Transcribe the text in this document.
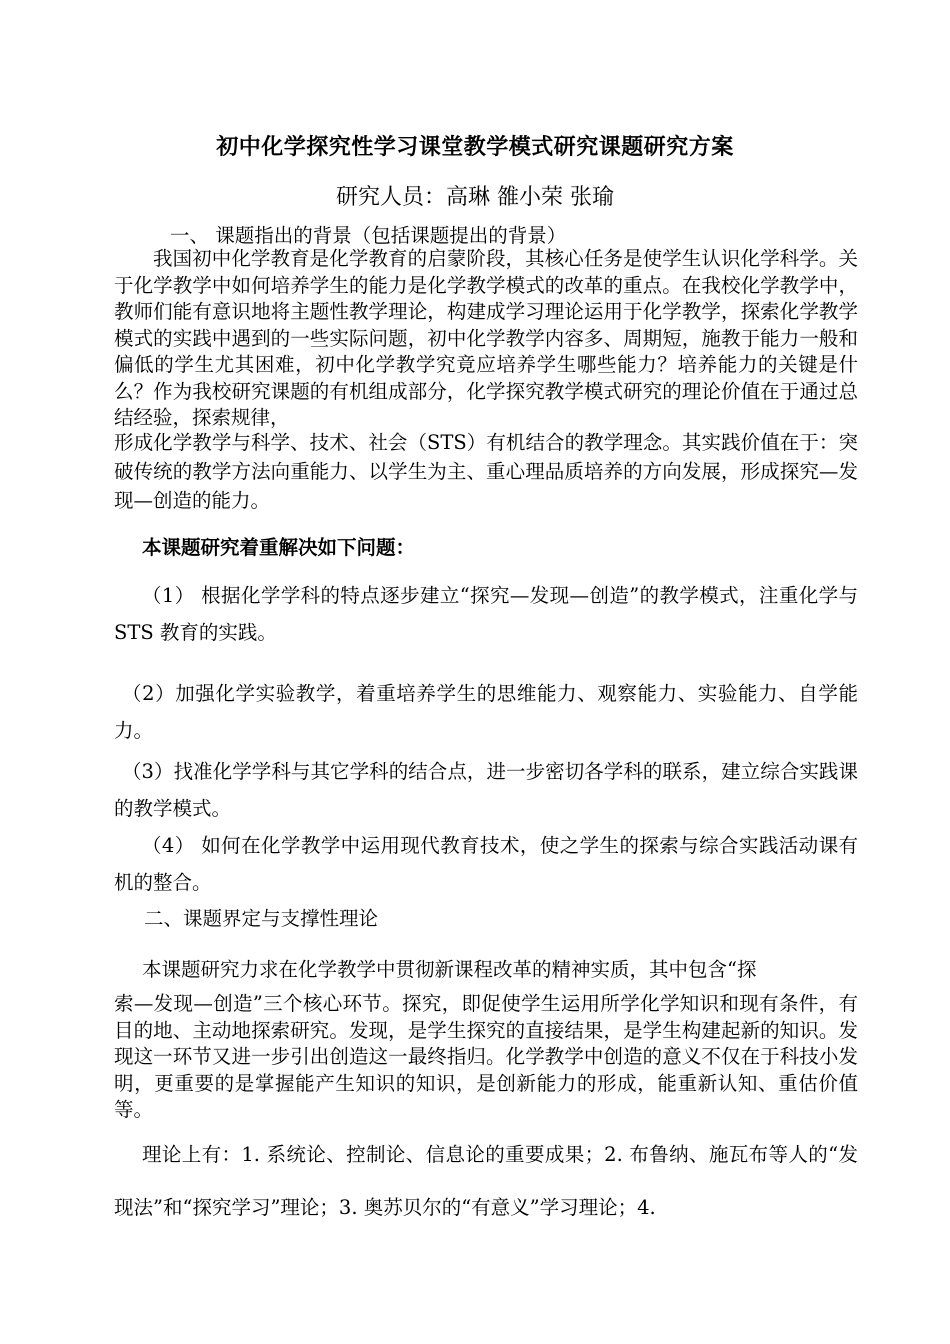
初中化学探究性学习课堂教学模式研究课题研究方案
研究人员：高琳 雒小荣 张瑜
一、 课题指出的背景（包括课题提出的背景）
我国初中化学教育是化学教育的启蒙阶段，其核心任务是使学生认识化学科学。关于化学教学中如何培养学生的能力是化学教学模式的改革的重点。在我校化学教学中，教师们能有意识地将主题性教学理论，构建成学习理论运用于化学教学，探索化学教学模式的实践中遇到的一些实际问题，初中化学教学内容多、周期短，施教于能力一般和偏低的学生尤其困难，初中化学教学究竟应培养学生哪些能力？培养能力的关键是什么？作为我校研究课题的有机组成部分，化学探究教学模式研究的理论价值在于通过总结经验，探索规律，
形成化学教学与科学、技术、社会（STS）有机结合的教学理念。其实践价值在于：突破传统的教学方法向重能力、以学生为主、重心理品质培养的方向发展，形成探究—发现—创造的能力。
本课题研究着重解决如下问题：
（1） 根据化学学科的特点逐步建立“探究—发现—创造”的教学模式，注重化学与 STS 教育的实践。
（2）加强化学实验教学，着重培养学生的思维能力、观察能力、实验能力、自学能力。
（3）找准化学学科与其它学科的结合点，进一步密切各学科的联系，建立综合实践课的教学模式。
（4） 如何在化学教学中运用现代教育技术，使之学生的探索与综合实践活动课有机的整合。
二、课题界定与支撑性理论
本课题研究力求在化学教学中贯彻新课程改革的精神实质，其中包含“探
索—发现—创造”三个核心环节。探究，即促使学生运用所学化学知识和现有条件，有目的地、主动地探索研究。发现，是学生探究的直接结果，是学生构建起新的知识。发现这一环节又进一步引出创造这一最终指归。化学教学中创造的意义不仅在于科技小发明，更重要的是掌握能产生知识的知识，是创新能力的形成，能重新认知、重估价值等。
理论上有：1. 系统论、控制论、信息论的重要成果；2. 布鲁纳、施瓦布等人的“发现法”和“探究学习”理论；3. 奥苏贝尔的“有意义”学习理论；4.
